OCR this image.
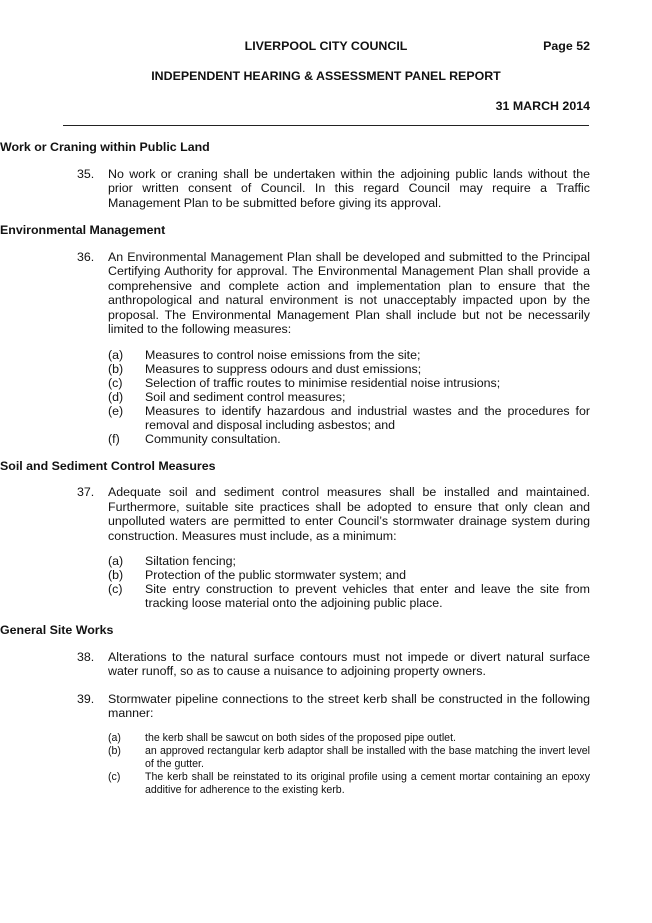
LIVERPOOL CITY COUNCIL	Page 52
INDEPENDENT HEARING & ASSESSMENT PANEL REPORT
31 MARCH 2014

Work or Craning within Public Land

35. No work or craning shall be undertaken within the adjoining public lands without the prior written consent of Council. In this regard Council may require a Traffic Management Plan to be submitted before giving its approval.

Environmental Management

36. An Environmental Management Plan shall be developed and submitted to the Principal Certifying Authority for approval. The Environmental Management Plan shall provide a comprehensive and complete action and implementation plan to ensure that the anthropological and natural environment is not unacceptably impacted upon by the proposal. The Environmental Management Plan shall include but not be necessarily limited to the following measures:
(a) Measures to control noise emissions from the site;
(b) Measures to suppress odours and dust emissions;
(c) Selection of traffic routes to minimise residential noise intrusions;
(d) Soil and sediment control measures;
(e) Measures to identify hazardous and industrial wastes and the procedures for removal and disposal including asbestos; and
(f) Community consultation.

Soil and Sediment Control Measures

37. Adequate soil and sediment control measures shall be installed and maintained. Furthermore, suitable site practices shall be adopted to ensure that only clean and unpolluted waters are permitted to enter Council’s stormwater drainage system during construction. Measures must include, as a minimum:
(a) Siltation fencing;
(b) Protection of the public stormwater system; and
(c) Site entry construction to prevent vehicles that enter and leave the site from tracking loose material onto the adjoining public place.

General Site Works

38. Alterations to the natural surface contours must not impede or divert natural surface water runoff, so as to cause a nuisance to adjoining property owners.
39. Stormwater pipeline connections to the street kerb shall be constructed in the following manner:
(a) the kerb shall be sawcut on both sides of the proposed pipe outlet.
(b) an approved rectangular kerb adaptor shall be installed with the base matching the invert level of the gutter.
(c) The kerb shall be reinstated to its original profile using a cement mortar containing an epoxy additive for adherence to the existing kerb.
